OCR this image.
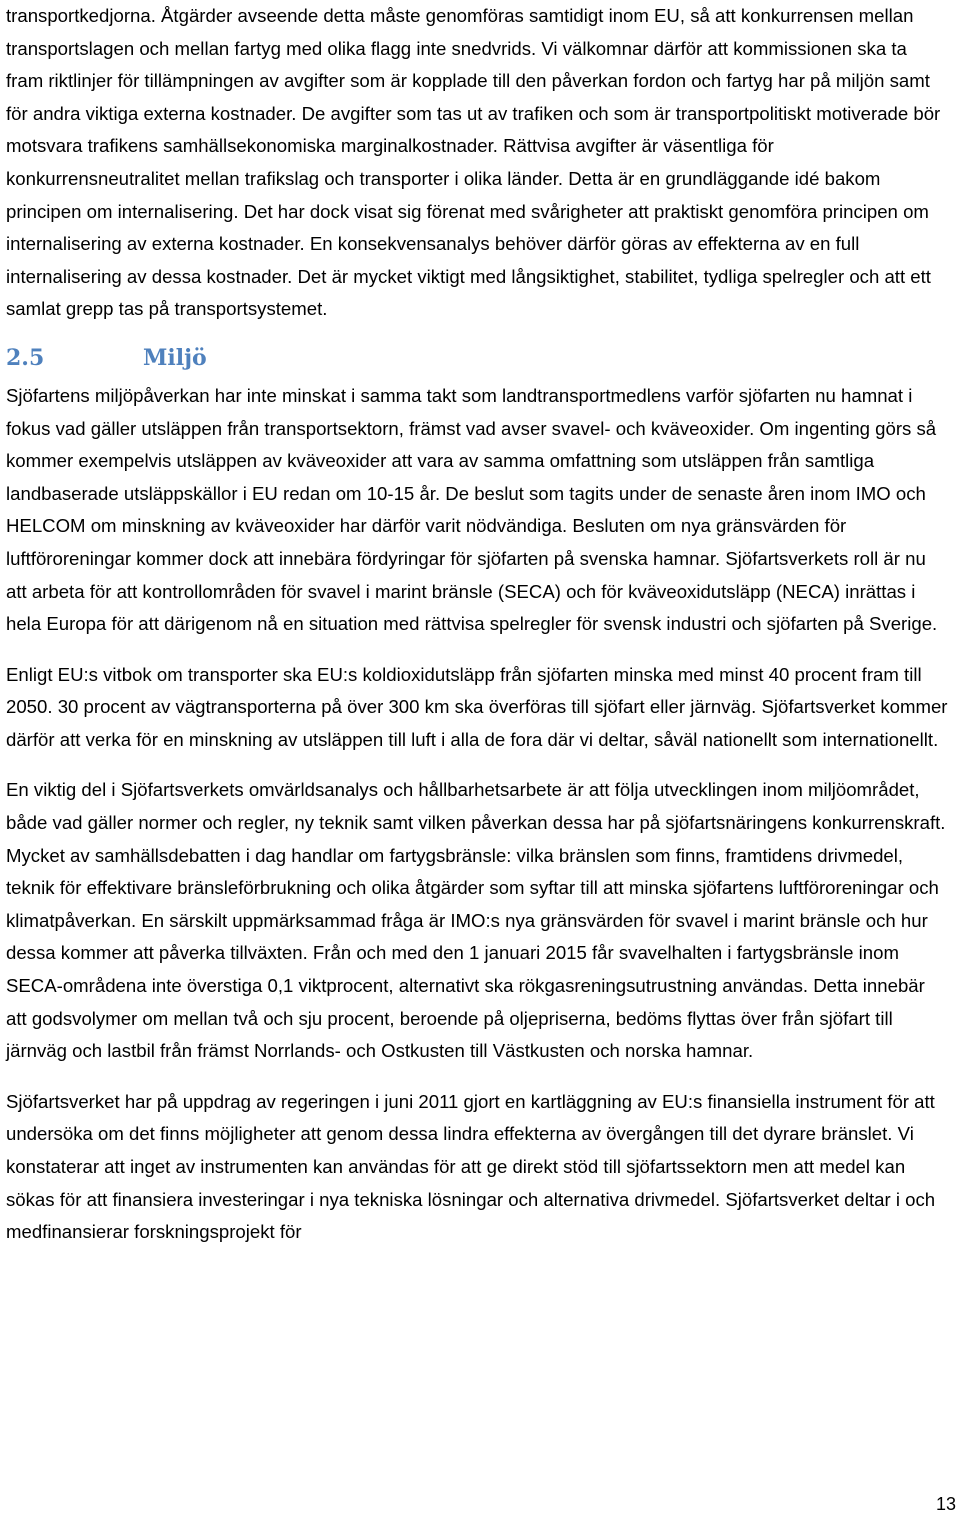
transportkedjorna. Åtgärder avseende detta måste genomföras samtidigt inom EU, så att konkurrensen mellan transportslagen och mellan fartyg med olika flagg inte snedvrids. Vi välkomnar därför att kommissionen ska ta fram riktlinjer för tillämpningen av avgifter som är kopplade till den påverkan fordon och fartyg har på miljön samt för andra viktiga externa kostnader. De avgifter som tas ut av trafiken och som är transportpolitiskt motiverade bör motsvara trafikens samhällsekonomiska marginalkostnader. Rättvisa avgifter är väsentliga för konkurrensneutralitet mellan trafikslag och transporter i olika länder. Detta är en grundläggande idé bakom principen om internalisering. Det har dock visat sig förenat med svårigheter att praktiskt genomföra principen om internalisering av externa kostnader. En konsekvensanalys behöver därför göras av effekterna av en full internalisering av dessa kostnader. Det är mycket viktigt med långsiktighet, stabilitet, tydliga spelregler och att ett samlat grepp tas på transportsystemet.

2.5	Miljö

Sjöfartens miljöpåverkan har inte minskat i samma takt som landtransportmedlens varför sjöfarten nu hamnat i fokus vad gäller utsläppen från transportsektorn, främst vad avser svavel- och kväveoxider. Om ingenting görs så kommer exempelvis utsläppen av kväveoxider att vara av samma omfattning som utsläppen från samtliga landbaserade utsläppskällor i EU redan om 10-15 år. De beslut som tagits under de senaste åren inom IMO och HELCOM om minskning av kväveoxider har därför varit nödvändiga. Besluten om nya gränsvärden för luftföroreningar kommer dock att innebära fördyringar för sjöfarten på svenska hamnar. Sjöfartsverkets roll är nu att arbeta för att kontrollområden för svavel i marint bränsle (SECA) och för kväveoxidutsläpp (NECA) inrättas i hela Europa för att därigenom nå en situation med rättvisa spelregler för svensk industri och sjöfarten på Sverige.

Enligt EU:s vitbok om transporter ska EU:s koldioxidutsläpp från sjöfarten minska med minst 40 procent fram till 2050. 30 procent av vägtransporterna på över 300 km ska överföras till sjöfart eller järnväg. Sjöfartsverket kommer därför att verka för en minskning av utsläppen till luft i alla de fora där vi deltar, såväl nationellt som internationellt.

En viktig del i Sjöfartsverkets omvärldsanalys och hållbarhetsarbete är att följa utvecklingen inom miljöområdet, både vad gäller normer och regler, ny teknik samt vilken påverkan dessa har på sjöfartsnäringens konkurrenskraft. Mycket av samhällsdebatten i dag handlar om fartygsbränsle: vilka bränslen som finns, framtidens drivmedel, teknik för effektivare bränsleförbrukning och olika åtgärder som syftar till att minska sjöfartens luftföroreningar och klimatpåverkan. En särskilt uppmärksammad fråga är IMO:s nya gränsvärden för svavel i marint bränsle och hur dessa kommer att påverka tillväxten. Från och med den 1 januari 2015 får svavelhalten i fartygsbränsle inom SECA-områdena inte överstiga 0,1 viktprocent, alternativt ska rökgasreningsutrustning användas. Detta innebär att godsvolymer om mellan två och sju procent, beroende på oljepriserna, bedöms flyttas över från sjöfart till järnväg och lastbil från främst Norrlands- och Ostkusten till Västkusten och norska hamnar.

Sjöfartsverket har på uppdrag av regeringen i juni 2011 gjort en kartläggning av EU:s finansiella instrument för att undersöka om det finns möjligheter att genom dessa lindra effekterna av övergången till det dyrare bränslet. Vi konstaterar att inget av instrumenten kan användas för att ge direkt stöd till sjöfartssektorn men att medel kan sökas för att finansiera investeringar i nya tekniska lösningar och alternativa drivmedel. Sjöfartsverket deltar i och medfinansierar forskningsprojekt för

13
